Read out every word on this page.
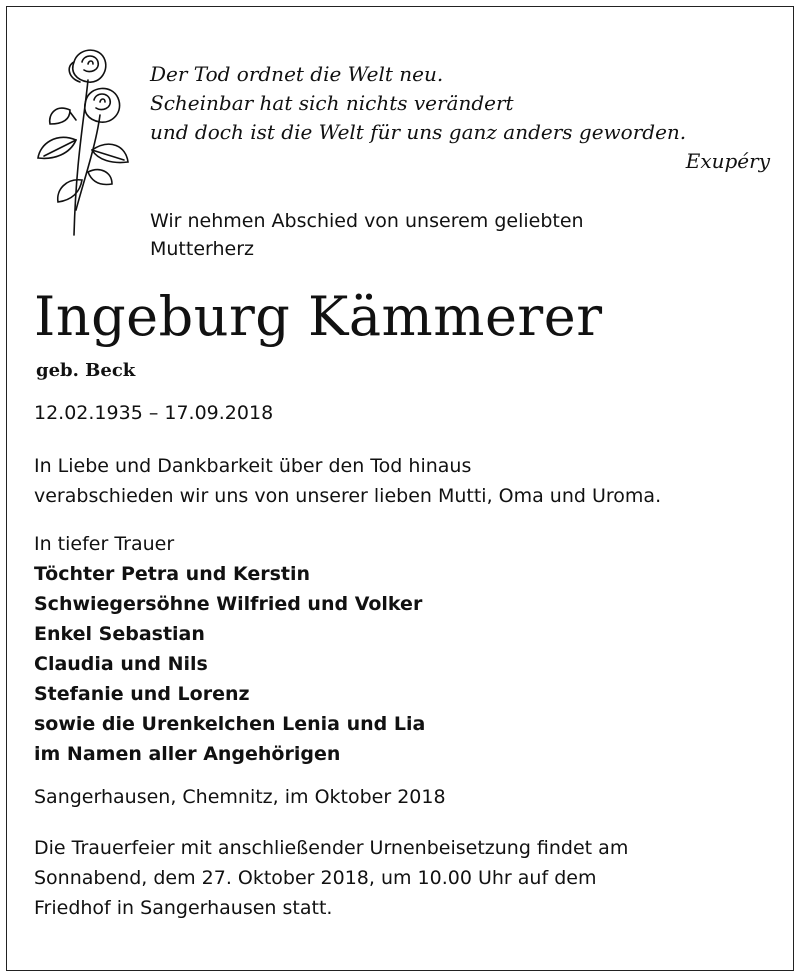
Der Tod ordnet die Welt neu.
Scheinbar hat sich nichts verändert
und doch ist die Welt für uns ganz anders geworden.
Exupéry
Wir nehmen Abschied von unserem geliebten
Mutterherz
Ingeburg Kämmerer
geb. Beck
12.02.1935 – 17.09.2018
In Liebe und Dankbarkeit über den Tod hinaus
verabschieden wir uns von unserer lieben Mutti, Oma und Uroma.
In tiefer Trauer
Töchter Petra und Kerstin
Schwiegersöhne Wilfried und Volker
Enkel Sebastian
Claudia und Nils
Stefanie und Lorenz
sowie die Urenkelchen Lenia und Lia
im Namen aller Angehörigen
Sangerhausen, Chemnitz, im Oktober 2018
Die Trauerfeier mit anschließender Urnenbeisetzung findet am
Sonnabend, dem 27. Oktober 2018, um 10.00 Uhr auf dem
Friedhof in Sangerhausen statt.
